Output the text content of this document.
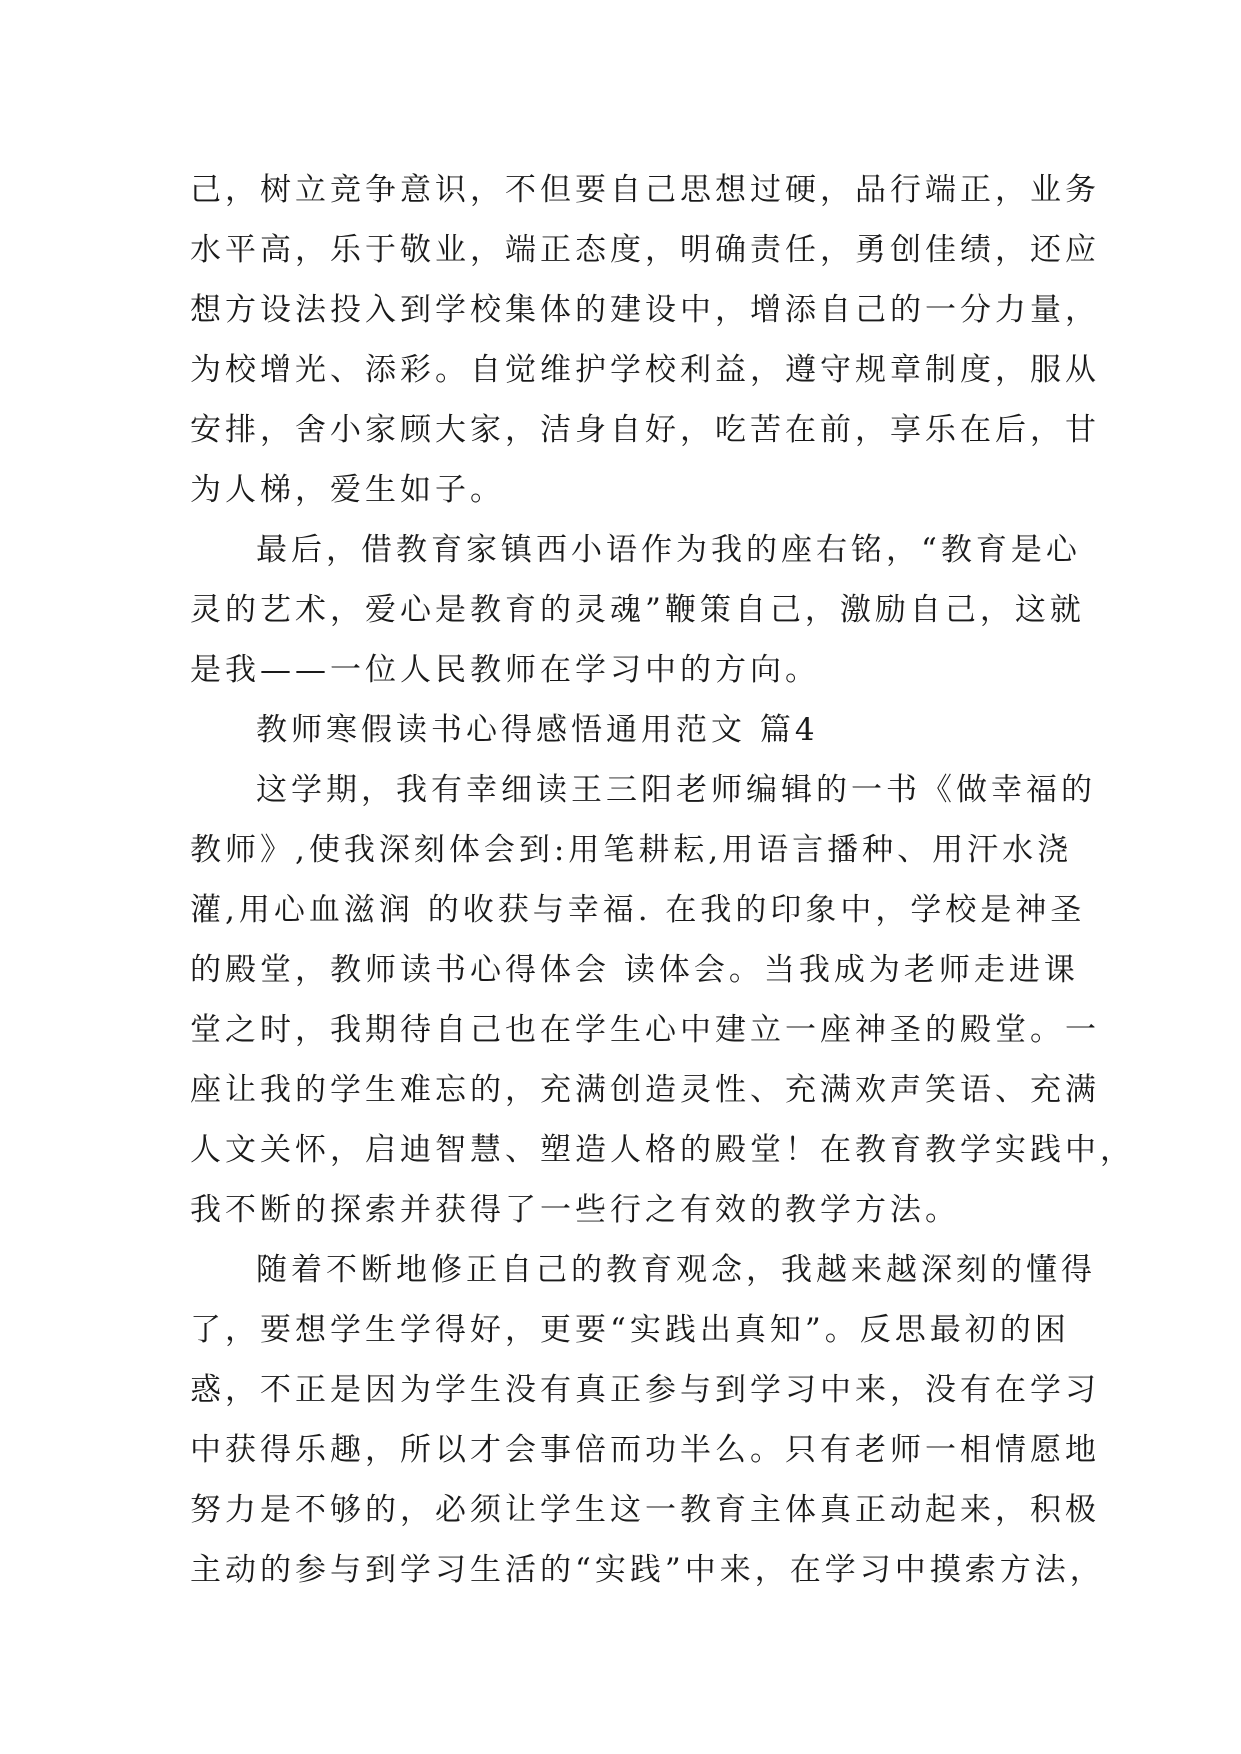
己，树立竞争意识，不但要自己思想过硬，品行端正，业务
水平高，乐于敬业，端正态度，明确责任，勇创佳绩，还应
想方设法投入到学校集体的建设中，增添自己的一分力量，
为校增光、添彩。自觉维护学校利益，遵守规章制度，服从
安排，舍小家顾大家，洁身自好，吃苦在前，享乐在后，甘
为人梯，爱生如子。
最后，借教育家镇西小语作为我的座右铭，“教育是心
灵的艺术，爱心是教育的灵魂”鞭策自己，激励自己，这就
是我——一位人民教师在学习中的方向。
教师寒假读书心得感悟通用范文 篇4
这学期，我有幸细读王三阳老师编辑的一书《做幸福的
教师》,使我深刻体会到:用笔耕耘,用语言播种、用汗水浇
灌,用心血滋润 的收获与幸福. 在我的印象中，学校是神圣
的殿堂，教师读书心得体会 读体会。当我成为老师走进课
堂之时，我期待自己也在学生心中建立一座神圣的殿堂。一
座让我的学生难忘的，充满创造灵性、充满欢声笑语、充满
人文关怀，启迪智慧、塑造人格的殿堂！在教育教学实践中，
我不断的探索并获得了一些行之有效的教学方法。
随着不断地修正自己的教育观念，我越来越深刻的懂得
了，要想学生学得好，更要“实践出真知”。反思最初的困
惑，不正是因为学生没有真正参与到学习中来，没有在学习
中获得乐趣，所以才会事倍而功半么。只有老师一相情愿地
努力是不够的，必须让学生这一教育主体真正动起来，积极
主动的参与到学习生活的“实践”中来，在学习中摸索方法，
